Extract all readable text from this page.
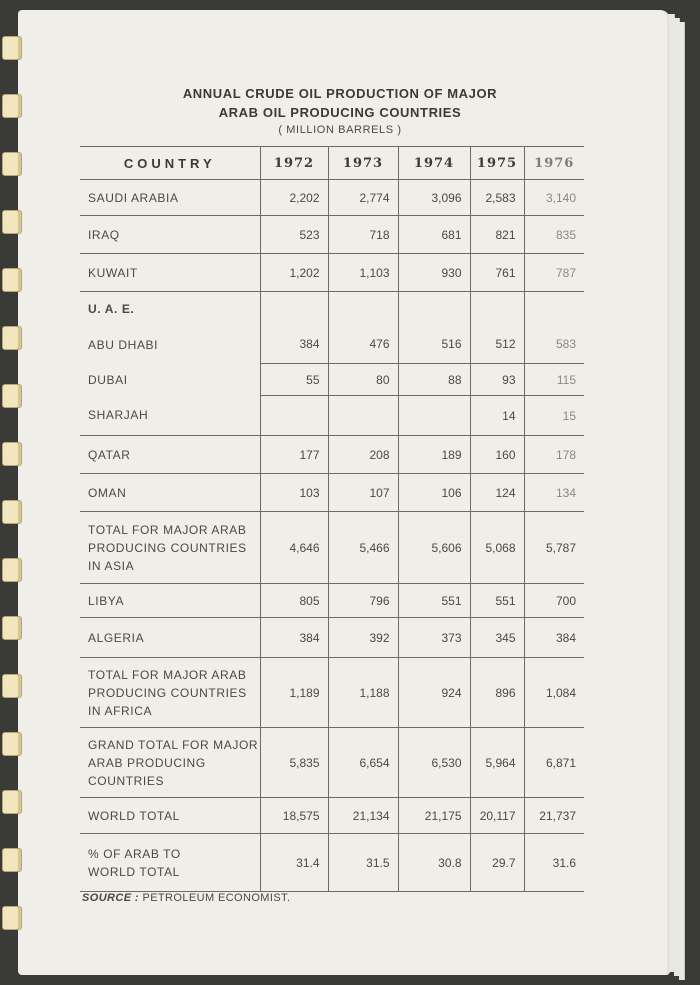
ANNUAL CRUDE OIL PRODUCTION OF MAJOR
ARAB OIL PRODUCING COUNTRIES
( MILLION BARRELS )
COUNTRY	1972	1973	1974	1975	1976
SAUDI ARABIA	2,202	2,774	3,096	2,583	3,140
IRAQ	523	718	681	821	835
KUWAIT	1,202	1,103	930	761	787
U. A. E.					
ABU DHABI	384	476	516	512	583
DUBAI	55	80	88	93	115
SHARJAH				14	15
QATAR	177	208	189	160	178
OMAN	103	107	106	124	134

TOTAL FOR MAJOR ARAB
PRODUCING COUNTRIES
IN ASIA	4,646	5,466	5,606	5,068	5,787
LIBYA	805	796	551	551	700
ALGERIA	384	392	373	345	384

TOTAL FOR MAJOR ARAB
PRODUCING COUNTRIES
IN AFRICA	1,189	1,188	924	896	1,084

GRAND TOTAL FOR MAJOR
ARAB PRODUCING
COUNTRIES	5,835	6,654	6,530	5,964	6,871
WORLD TOTAL	18,575	21,134	21,175	20,117	21,737

% OF ARAB TO
WORLD TOTAL	31.4	31.5	30.8	29.7	31.6
SOURCE : PETROLEUM ECONOMIST.
